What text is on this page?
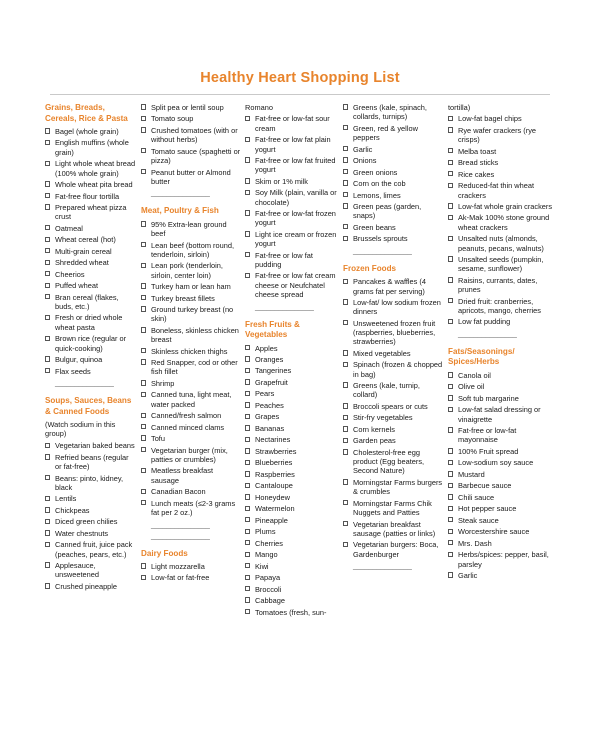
Healthy Heart Shopping List
Grains, Breads, Cereals, Rice & Pasta
Bagel (whole grain)
English muffins (whole grain)
Light whole wheat bread (100% whole grain)
Whole wheat pita bread
Fat-free flour tortilla
Prepared wheat pizza crust
Oatmeal
Wheat cereal (hot)
Multi-grain cereal
Shredded wheat
Cheerios
Puffed wheat
Bran cereal (flakes, buds, etc.)
Fresh or dried whole wheat pasta
Brown rice (regular or quick-cooking)
Bulgur, quinoa
Flax seeds
_______________
Soups, Sauces, Beans & Canned Foods
(Watch sodium in this group)
Vegetarian baked beans
Refried beans (regular or fat-free)
Beans: pinto, kidney, black
Lentils
Chickpeas
Diced green chilies
Water chestnuts
Canned fruit, juice pack (peaches, pears, etc.)
Applesauce, unsweetened
Crushed pineapple
Split pea or lentil soup
Tomato soup
Crushed tomatoes (with or without herbs)
Tomato sauce (spaghetti or pizza)
Peanut butter or Almond butter
_______________
Meat, Poultry & Fish
95% Extra-lean ground beef
Lean beef (bottom round, tenderloin, sirloin)
Lean pork (tenderloin, sirloin, center loin)
Turkey ham or lean ham
Turkey breast fillets
Ground turkey breast (no skin)
Boneless, skinless chicken breast
Skinless chicken thighs
Red Snapper, cod or other fish fillet
Shrimp
Canned tuna, light meat, water packed
Canned/fresh salmon
Canned minced clams
Tofu
Vegetarian burger (mix, patties or crumbles)
Meatless breakfast sausage
Canadian Bacon
Lunch meats (≤2-3 grams fat per 2 oz.)
_______________
_______________
Dairy Foods
Light mozzarella
Low-fat or fat-free
Romano
Fat-free or low-fat sour cream
Fat-free or low fat plain yogurt
Fat-free or low fat fruited yogurt
Skim or 1% milk
Soy Milk (plain, vanilla or chocolate)
Fat-free or low-fat frozen yogurt
Light ice cream or frozen yogurt
Fat-free or low fat pudding
Fat-free or low fat cream cheese or Neufchatel cheese spread
_______________
Fresh Fruits & Vegetables
Apples
Oranges
Tangerines
Grapefruit
Pears
Peaches
Grapes
Bananas
Nectarines
Strawberries
Blueberries
Raspberries
Cantaloupe
Honeydew
Watermelon
Pineapple
Plums
Cherries
Mango
Kiwi
Papaya
Broccoli
Cabbage
Tomatoes (fresh, sun-
Greens (kale, spinach, collards, turnips)
Green, red & yellow peppers
Garlic
Onions
Green onions
Corn on the cob
Lemons, limes
Green peas (garden, snaps)
Green beans
Brussels sprouts
_______________
Frozen Foods
Pancakes & waffles (4 grams fat per serving)
Low-fat/ low sodium frozen dinners
Unsweetened frozen fruit (raspberries, blueberries, strawberries)
Mixed vegetables
Spinach (frozen & chopped in bag)
Greens (kale, turnip, collard)
Broccoli spears or cuts
Stir-fry vegetables
Corn kernels
Garden peas
Cholesterol-free egg product (Egg beaters, Second Nature)
Morningstar Farms burgers & crumbles
Morningstar Farms Chik Nuggets and Patties
Vegetarian breakfast sausage (patties or links)
Vegetarian burgers: Boca, Gardenburger
_______________
tortilla)
Low-fat bagel chips
Rye wafer crackers (rye crisps)
Melba toast
Bread sticks
Rice cakes
Reduced-fat thin wheat crackers
Low-fat whole grain crackers
Ak-Mak 100% stone ground wheat crackers
Unsalted nuts (almonds, peanuts, pecans, walnuts)
Unsalted seeds (pumpkin, sesame, sunflower)
Raisins, currants, dates, prunes
Dried fruit: cranberries, apricots, mango, cherries
Low fat pudding
_______________
Fats/Seasonings/ Spices/Herbs
Canola oil
Olive oil
Soft tub margarine
Low-fat salad dressing or vinaigrette
Fat-free or low-fat mayonnaise
100% Fruit spread
Low-sodium soy sauce
Mustard
Barbecue sauce
Chili sauce
Hot pepper sauce
Steak sauce
Worcestershire sauce
Mrs. Dash
Herbs/spices: pepper, basil, parsley
Garlic
